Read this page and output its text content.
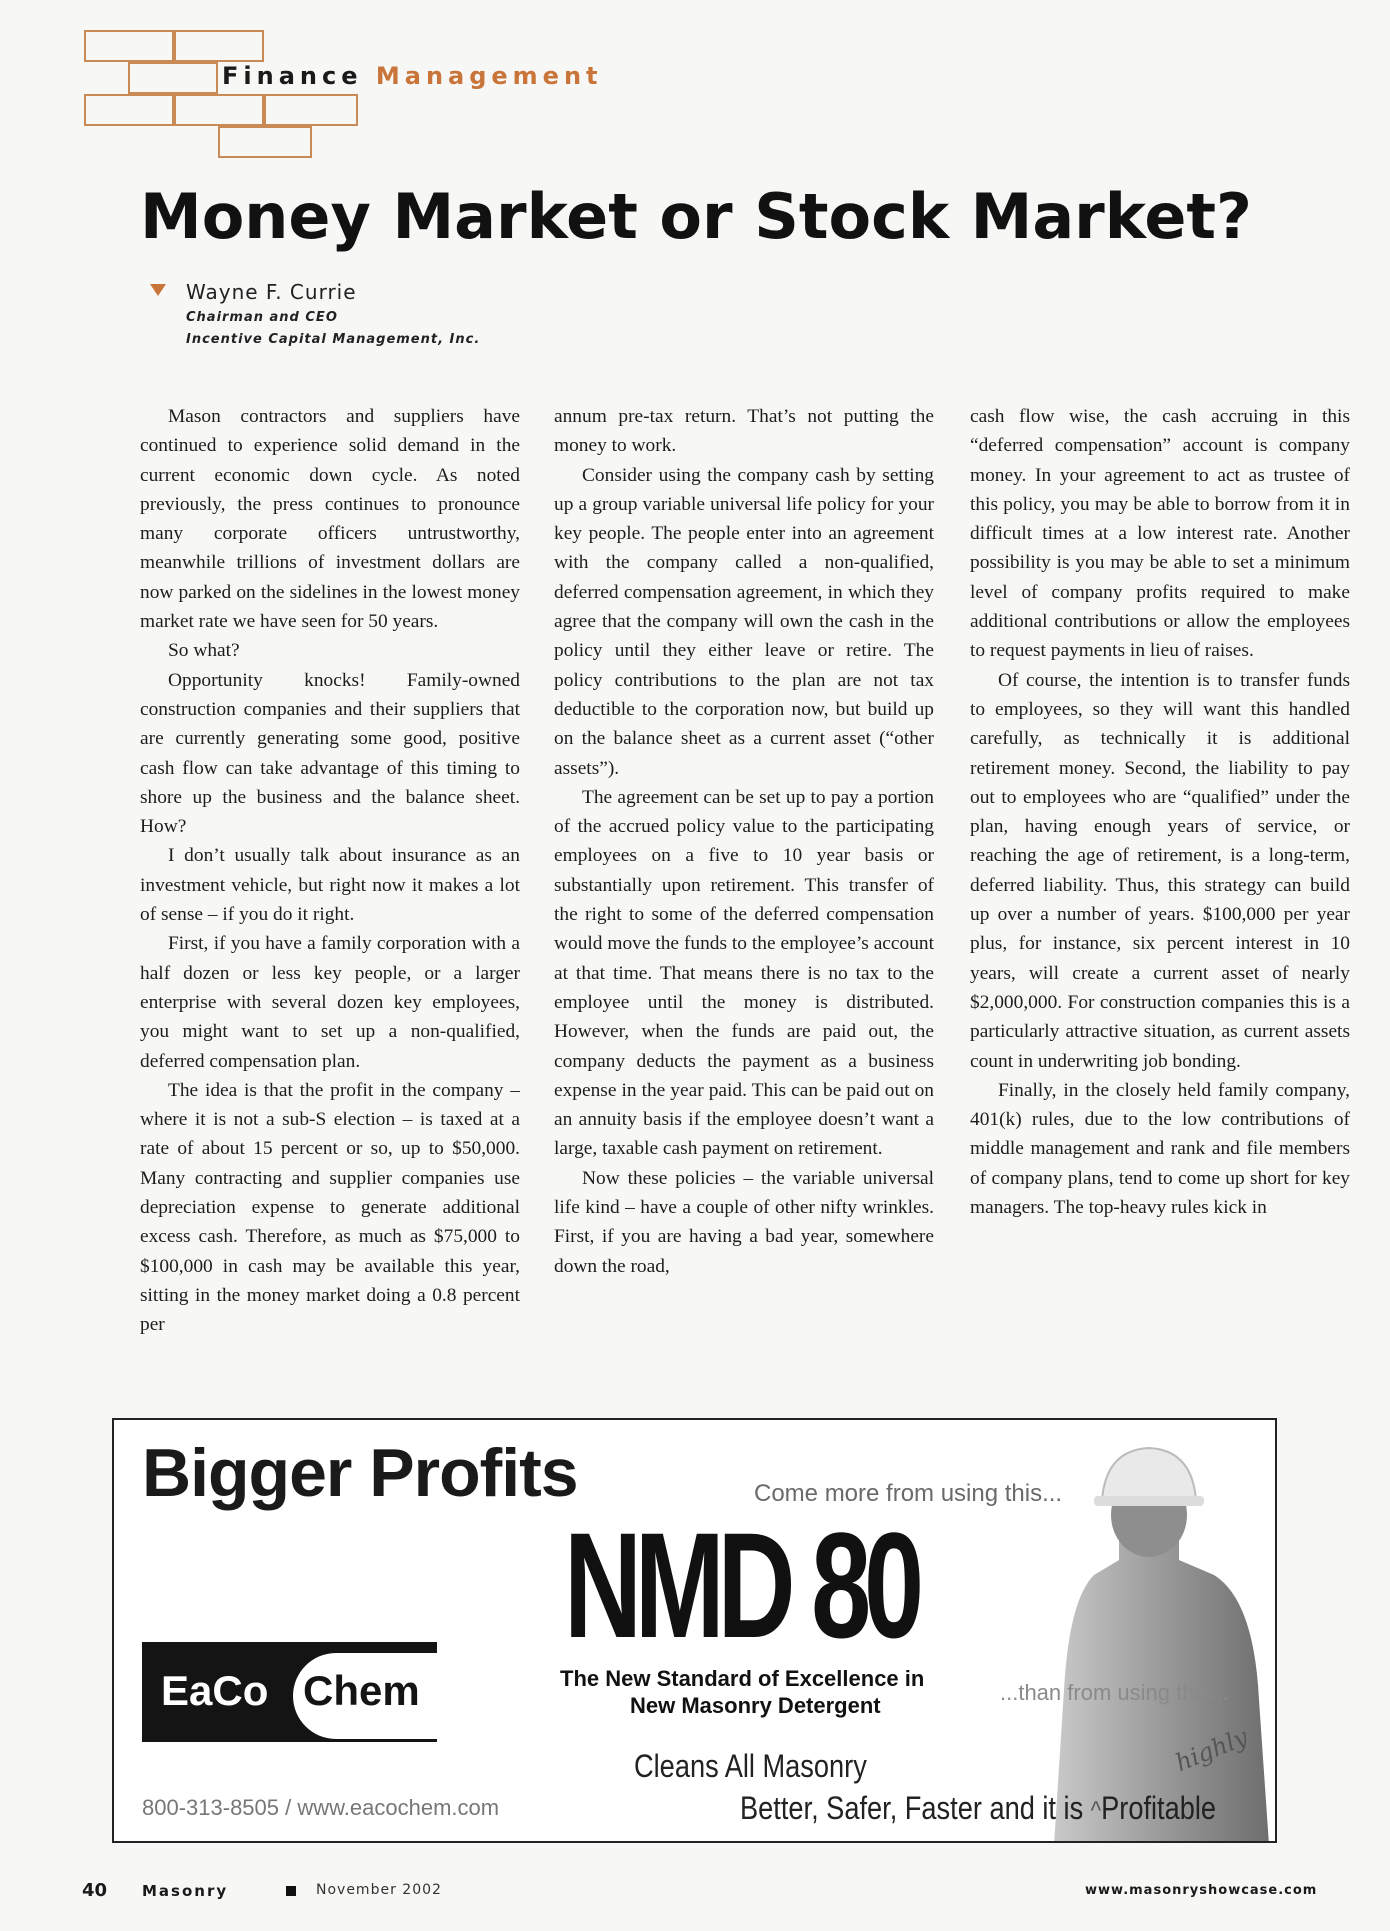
Finance Management
Money Market or Stock Market?
Wayne F. Currie
Chairman and CEO
Incentive Capital Management, Inc.

Mason contractors and suppliers have continued to experience solid demand in the current economic down cycle. As noted previously, the press continues to pronounce many corporate officers untrustworthy, meanwhile trillions of investment dollars are now parked on the sidelines in the lowest money market rate we have seen for 50 years.

So what?

Opportunity knocks! Family-owned construction companies and their suppliers that are currently generating some good, positive cash flow can take advantage of this timing to shore up the business and the balance sheet. How?

I don’t usually talk about insurance as an investment vehicle, but right now it makes a lot of sense – if you do it right.

First, if you have a family corporation with a half dozen or less key people, or a larger enterprise with several dozen key employees, you might want to set up a non-qualified, deferred compensation plan.

The idea is that the profit in the company – where it is not a sub-S election – is taxed at a rate of about 15 percent or so, up to $50,000. Many contracting and supplier companies use depreciation expense to generate additional excess cash. Therefore, as much as $75,000 to $100,000 in cash may be available this year, sitting in the money market doing a 0.8 percent per

annum pre-tax return. That’s not putting the money to work.

Consider using the company cash by setting up a group variable universal life policy for your key people. The people enter into an agreement with the company called a non-qualified, deferred compensation agreement, in which they agree that the company will own the cash in the policy until they either leave or retire. The policy contributions to the plan are not tax deductible to the corporation now, but build up on the balance sheet as a current asset (“other assets”).

The agreement can be set up to pay a portion of the accrued policy value to the participating employees on a five to 10 year basis or substantially upon retirement. This transfer of the right to some of the deferred compensation would move the funds to the employee’s account at that time. That means there is no tax to the employee until the money is distributed. However, when the funds are paid out, the company deducts the payment as a business expense in the year paid. This can be paid out on an annuity basis if the employee doesn’t want a large, taxable cash payment on retirement.

Now these policies – the variable universal life kind – have a couple of other nifty wrinkles. First, if you are having a bad year, somewhere down the road,

cash flow wise, the cash accruing in this “deferred compensation” account is company money. In your agreement to act as trustee of this policy, you may be able to borrow from it in difficult times at a low interest rate. Another possibility is you may be able to set a minimum level of company profits required to make additional contributions or allow the employees to request payments in lieu of raises.

Of course, the intention is to transfer funds to employees, so they will want this handled carefully, as technically it is additional retirement money. Second, the liability to pay out to employees who are “qualified” under the plan, having enough years of service, or reaching the age of retirement, is a long-term, deferred liability. Thus, this strategy can build up over a number of years. $100,000 per year plus, for instance, six percent interest in 10 years, will create a current asset of nearly $2,000,000. For construction companies this is a particularly attractive situation, as current assets count in underwriting job bonding.

Finally, in the closely held family company, 401(k) rules, due to the low contributions of middle management and rank and file members of company plans, tend to come up short for key managers. The top-heavy rules kick in

Bigger Profits	Come more from using this...
NMD 80
The New Standard of Excellence in
New Masonry Detergent
...than from using this...
highly
EaCo Chem
Cleans All Masonry
Better, Safer, Faster and it is ^Profitable
800-313-8505 / www.eacochem.com
40 Masonry	November 2002	www.masonryshowcase.com
